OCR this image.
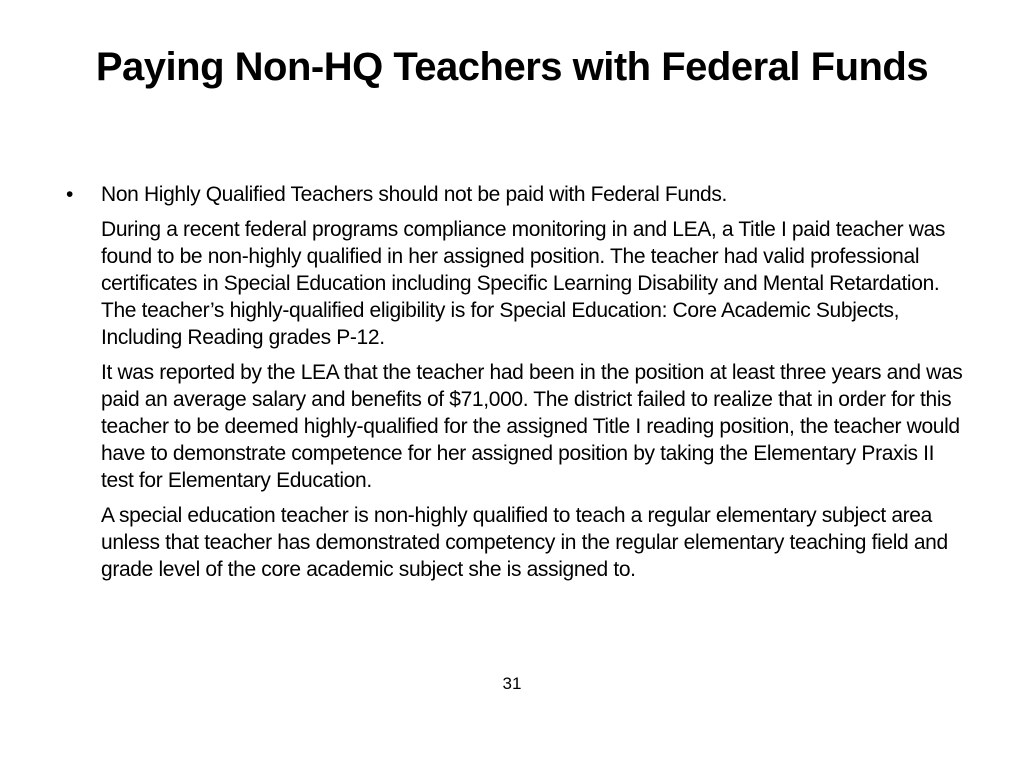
Paying Non-HQ Teachers with Federal Funds
•	Non Highly Qualified Teachers should not be paid with Federal Funds.
During a recent federal programs compliance monitoring in and LEA, a Title I paid teacher was found to be non-highly qualified in her assigned position. The teacher had valid professional certificates in Special Education including Specific Learning Disability and Mental Retardation. The teacher’s highly-qualified eligibility is for Special Education: Core Academic Subjects, Including Reading grades P-12.
It was reported by the LEA that the teacher had been in the position at least three years and was paid an average salary and benefits of $71,000. The district failed to realize that in order for this teacher to be deemed highly-qualified for the assigned Title I reading position, the teacher would have to demonstrate competence for her assigned position by taking the Elementary Praxis II test for Elementary Education.
A special education teacher is non-highly qualified to teach a regular elementary subject area unless that teacher has demonstrated competency in the regular elementary teaching field and grade level of the core academic subject she is assigned to.
31
